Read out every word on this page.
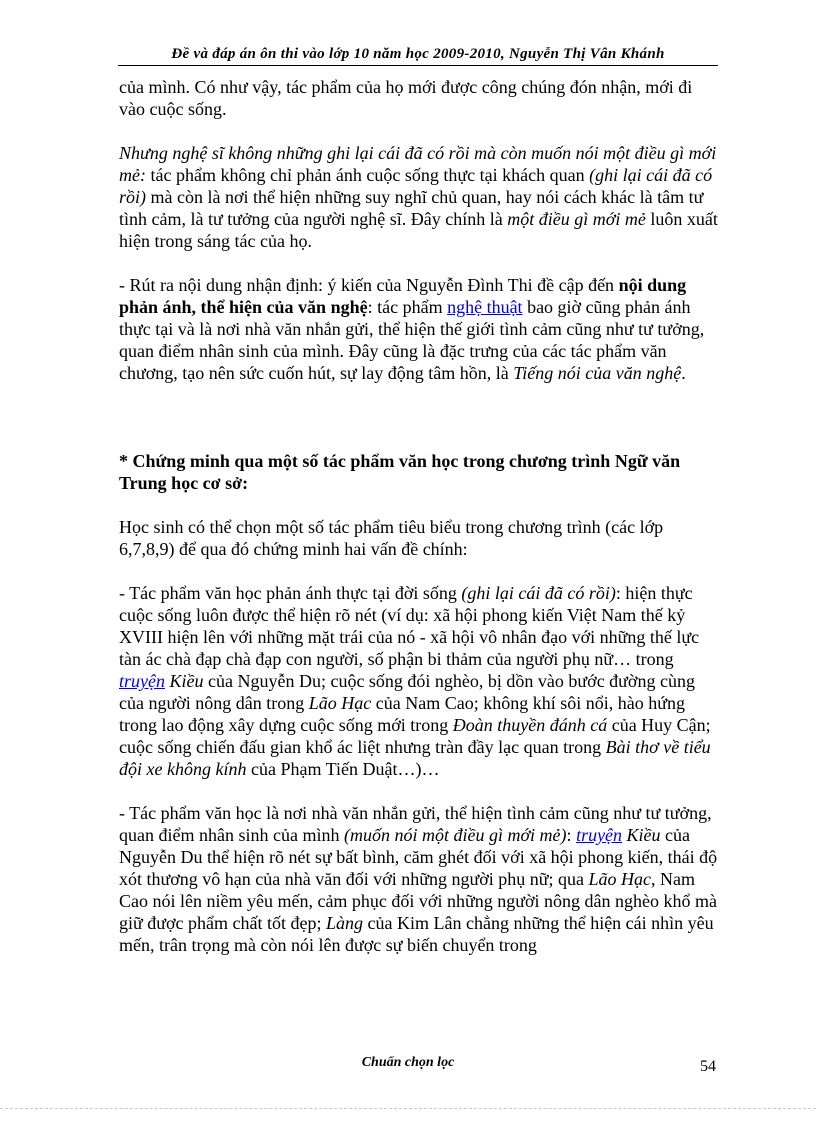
Đề và đáp án ôn thi vào lớp 10 năm học 2009-2010, Nguyễn Thị Vân Khánh

của mình. Có như vậy, tác phẩm của họ mới được công chúng đón nhận, mới đi vào cuộc sống.

Nhưng nghệ sĩ không những ghi lại cái đã có rồi mà còn muốn nói một điều gì mới mẻ: tác phẩm không chỉ phản ánh cuộc sống thực tại khách quan (ghi lại cái đã có rồi) mà còn là nơi thể hiện những suy nghĩ chủ quan, hay nói cách khác là tâm tư tình cảm, là tư tưởng của người nghệ sĩ. Đây chính là một điều gì mới mẻ luôn xuất hiện trong sáng tác của họ.

- Rút ra nội dung nhận định: ý kiến của Nguyễn Đình Thi đề cập đến nội dung phản ánh, thể hiện của văn nghệ: tác phẩm nghệ thuật bao giờ cũng phản ánh thực tại và là nơi nhà văn nhắn gửi, thể hiện thế giới tình cảm cũng như tư tưởng, quan điểm nhân sinh của mình. Đây cũng là đặc trưng của các tác phẩm văn chương, tạo nên sức cuốn hút, sự lay động tâm hồn, là Tiếng nói của văn nghệ.

* Chứng minh qua một số tác phẩm văn học trong chương trình Ngữ văn Trung học cơ sở:

Học sinh có thể chọn một số tác phẩm tiêu biểu trong chương trình (các lớp 6,7,8,9) để qua đó chứng minh hai vấn đề chính:

- Tác phẩm văn học phản ánh thực tại đời sống (ghi lại cái đã có rồi): hiện thực cuộc sống luôn được thể hiện rõ nét (ví dụ: xã hội phong kiến Việt Nam thế kỷ XVIII hiện lên với những mặt trái của nó - xã hội vô nhân đạo với những thế lực tàn ác chà đạp chà đạp con người, số phận bi thảm của người phụ nữ… trong truyện Kiều của Nguyễn Du; cuộc sống đói nghèo, bị dồn vào bước đường cùng của người nông dân trong Lão Hạc của Nam Cao; không khí sôi nổi, hào hứng trong lao động xây dựng cuộc sống mới trong Đoàn thuyền đánh cá của Huy Cận; cuộc sống chiến đấu gian khổ ác liệt nhưng tràn đầy lạc quan trong Bài thơ về tiểu đội xe không kính của Phạm Tiến Duật…)…

- Tác phẩm văn học là nơi nhà văn nhắn gửi, thể hiện tình cảm cũng như tư tưởng, quan điểm nhân sinh của mình (muốn nói một điều gì mới mẻ): truyện Kiều của Nguyễn Du thể hiện rõ nét sự bất bình, căm ghét đối với xã hội phong kiến, thái độ xót thương vô hạn của nhà văn đối với những người phụ nữ; qua Lão Hạc, Nam Cao nói lên niềm yêu mến, cảm phục đối với những người nông dân nghèo khổ mà giữ được phẩm chất tốt đẹp; Làng của Kim Lân chẳng những thể hiện cái nhìn yêu mến, trân trọng mà còn nói lên được sự biến chuyển trong

Chuẩn chọn lọc	54
